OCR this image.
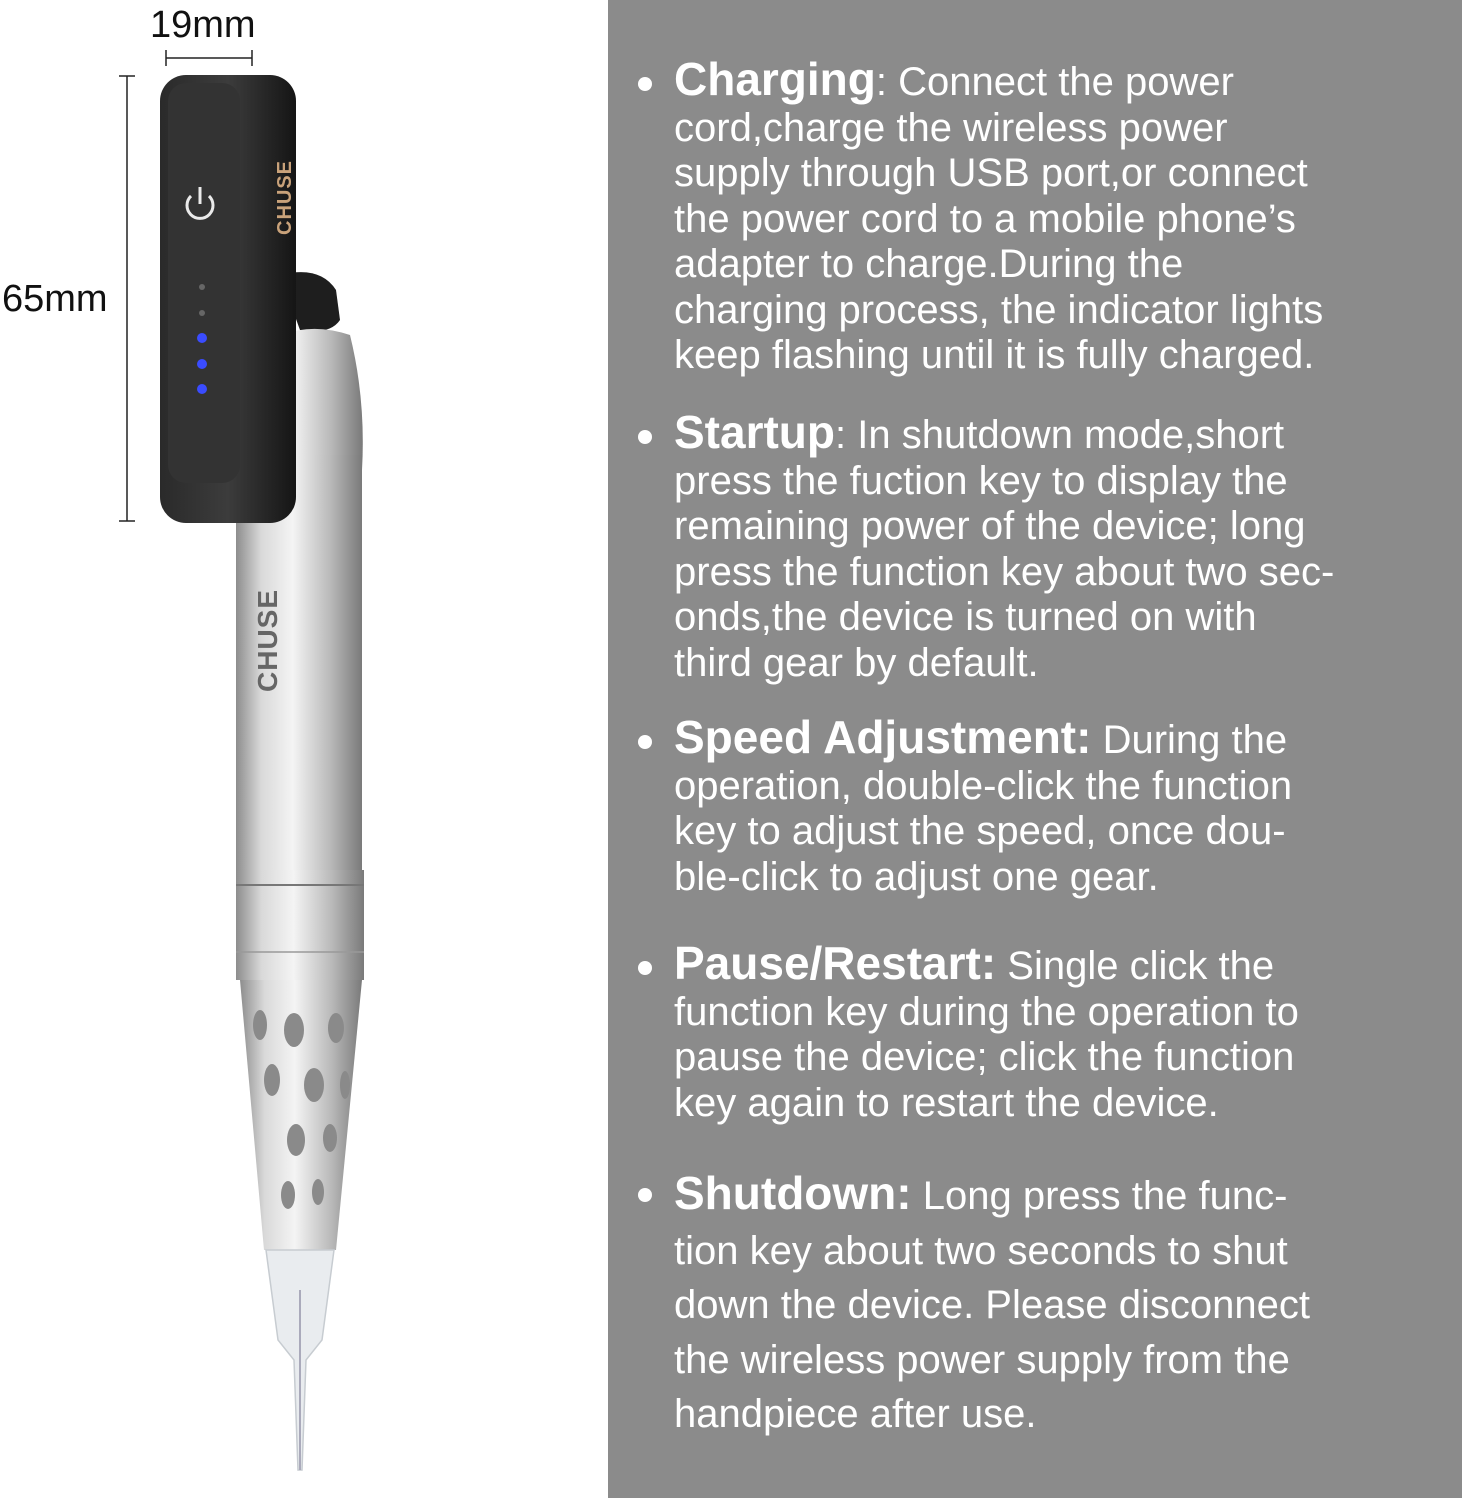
19mm
65mm
CHUSE
CHUSE
Charging: Connect the power
cord,charge the wireless power
supply through USB port,or connect
the power cord to a mobile phone’s
adapter to charge.During the
charging process, the indicator lights
keep flashing until it is fully charged.
Startup: In shutdown mode,short
press the fuction key to display the
remaining power of the device; long
press the function key about two sec-
onds,the device is turned on with
third gear by default.
Speed Adjustment: During the
operation, double-click the function
key to adjust the speed, once dou-
ble-click to adjust one gear.
Pause/Restart: Single click the
function key during the operation to
pause the device; click the function
key again to restart the device.
Shutdown: Long press the func-
tion key about two seconds to shut
down the device. Please disconnect
the wireless power supply from the
handpiece after use.
